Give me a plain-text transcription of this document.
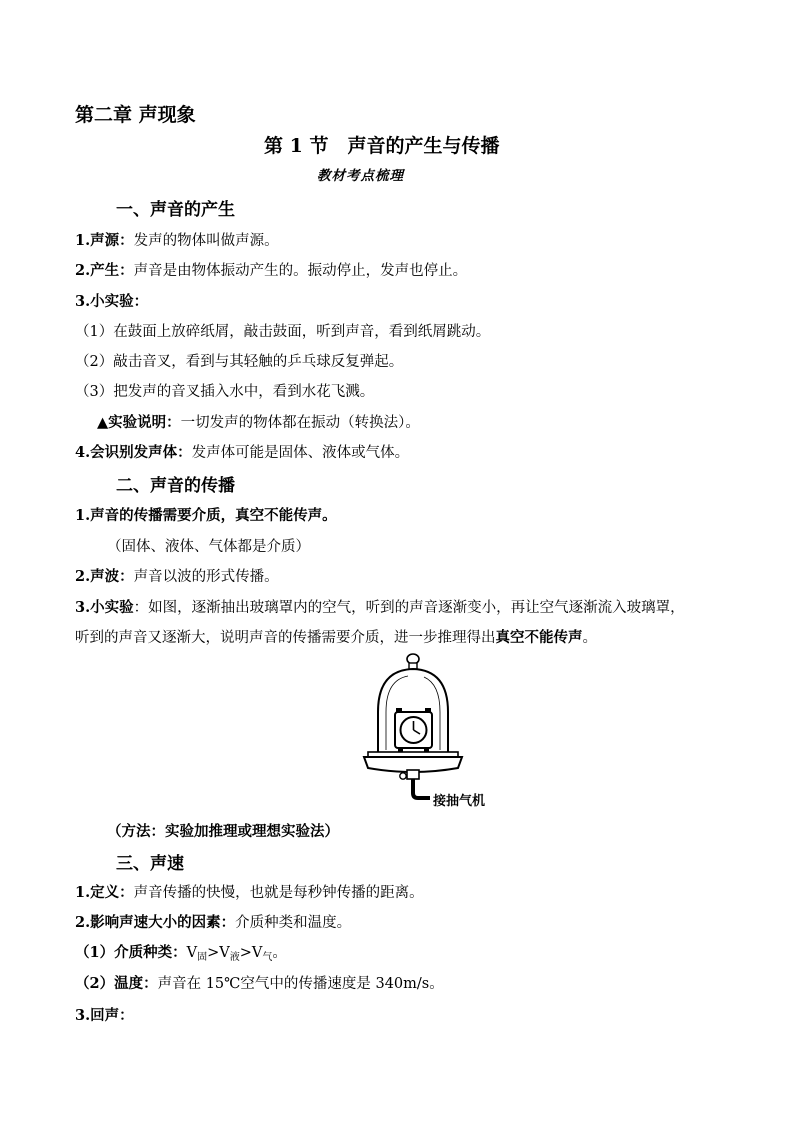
第二章 声现象
第 1 节　声音的产生与传播
教材考点梳理
一、声音的产生
1.声源：发声的物体叫做声源。
2.产生：声音是由物体振动产生的。振动停止，发声也停止。
3.小实验：
（1）在鼓面上放碎纸屑，敲击鼓面，听到声音，看到纸屑跳动。
（2）敲击音叉，看到与其轻触的乒乓球反复弹起。
（3）把发声的音叉插入水中，看到水花飞溅。
▲实验说明：一切发声的物体都在振动（转换法）。
4.会识别发声体：发声体可能是固体、液体或气体。
二、声音的传播
1.声音的传播需要介质，真空不能传声。
（固体、液体、气体都是介质）
2.声波：声音以波的形式传播。
3.小实验：如图，逐渐抽出玻璃罩内的空气，听到的声音逐渐变小，再让空气逐渐流入玻璃罩，
听到的声音又逐渐大，说明声音的传播需要介质，进一步推理得出真空不能传声。
接抽气机
（方法：实验加推理或理想实验法）
三、声速
1.定义：声音传播的快慢，也就是每秒钟传播的距离。
2.影响声速大小的因素：介质种类和温度。
（1）介质种类：$V_固>V_液>V_气$。
（2）温度：声音在 15℃空气中的传播速度是 340m/s。
3.回声：
